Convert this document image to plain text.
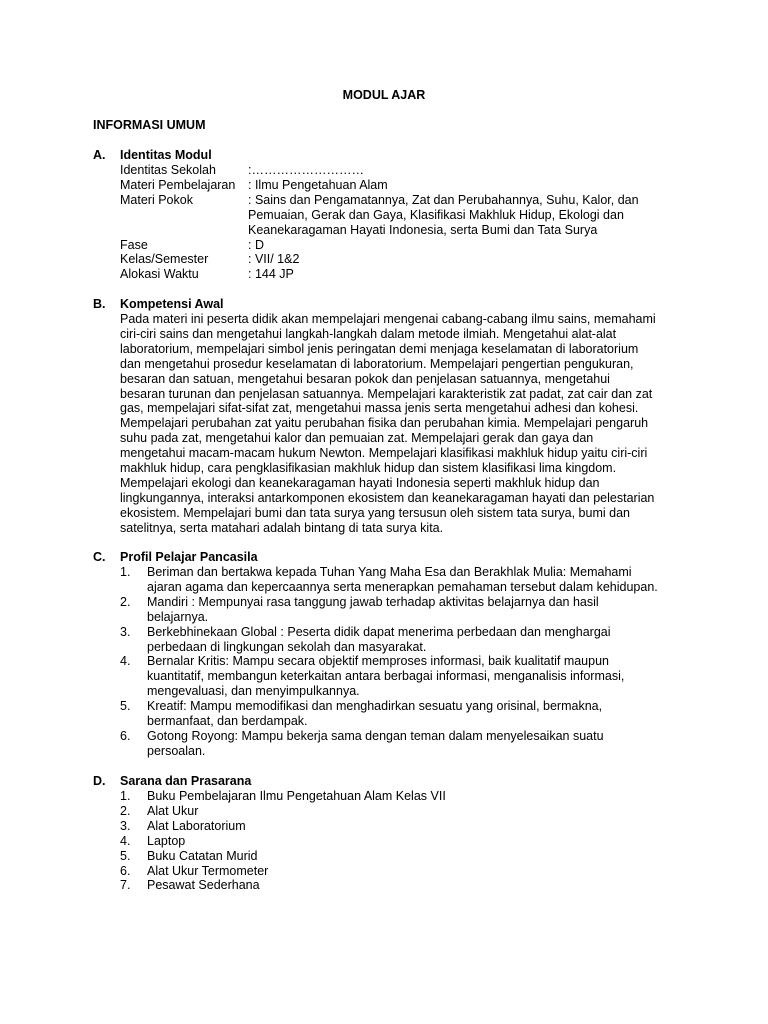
MODUL AJAR
INFORMASI UMUM
A. Identitas Modul
Identitas Sekolah	:………………………
Materi Pembelajaran	: Ilmu Pengetahuan Alam
Materi Pokok	: Sains dan Pengamatannya, Zat dan Perubahannya, Suhu, Kalor, dan
Pemuaian, Gerak dan Gaya, Klasifikasi Makhluk Hidup, Ekologi dan
Keanekaragaman Hayati Indonesia, serta Bumi dan Tata Surya
Fase	: D
Kelas/Semester	: VII/ 1&2
Alokasi Waktu	: 144 JP
B. Kompetensi Awal
Pada materi ini peserta didik akan mempelajari mengenai cabang-cabang ilmu sains, memahami
ciri-ciri sains dan mengetahui langkah-langkah dalam metode ilmiah. Mengetahui alat-alat
laboratorium, mempelajari simbol jenis peringatan demi menjaga keselamatan di laboratorium
dan mengetahui prosedur keselamatan di laboratorium. Mempelajari pengertian pengukuran,
besaran dan satuan, mengetahui besaran pokok dan penjelasan satuannya, mengetahui
besaran turunan dan penjelasan satuannya. Mempelajari karakteristik zat padat, zat cair dan zat
gas, mempelajari sifat-sifat zat, mengetahui massa jenis serta mengetahui adhesi dan kohesi.
Mempelajari perubahan zat yaitu perubahan fisika dan perubahan kimia. Mempelajari pengaruh
suhu pada zat, mengetahui kalor dan pemuaian zat. Mempelajari gerak dan gaya dan
mengetahui macam-macam hukum Newton. Mempelajari klasifikasi makhluk hidup yaitu ciri-ciri
makhluk hidup, cara pengklasifikasian makhluk hidup dan sistem klasifikasi lima kingdom.
Mempelajari ekologi dan keanekaragaman hayati Indonesia seperti makhluk hidup dan
lingkungannya, interaksi antarkomponen ekosistem dan keanekaragaman hayati dan pelestarian
ekosistem. Mempelajari bumi dan tata surya yang tersusun oleh sistem tata surya, bumi dan
satelitnya, serta matahari adalah bintang di tata surya kita.
C. Profil Pelajar Pancasila
1.	Beriman dan bertakwa kepada Tuhan Yang Maha Esa dan Berakhlak Mulia: Memahami
ajaran agama dan kepercaannya serta menerapkan pemahaman tersebut dalam kehidupan.
2.	Mandiri : Mempunyai rasa tanggung jawab terhadap aktivitas belajarnya dan hasil
belajarnya.
3.	Berkebhinekaan Global : Peserta didik dapat menerima perbedaan dan menghargai
perbedaan di lingkungan sekolah dan masyarakat.
4.	Bernalar Kritis: Mampu secara objektif memproses informasi, baik kualitatif maupun
kuantitatif, membangun keterkaitan antara berbagai informasi, menganalisis informasi,
mengevaluasi, dan menyimpulkannya.
5.	Kreatif: Mampu memodifikasi dan menghadirkan sesuatu yang orisinal, bermakna,
bermanfaat, dan berdampak.
6.	Gotong Royong: Mampu bekerja sama dengan teman dalam menyelesaikan suatu
persoalan.
D. Sarana dan Prasarana
1.	Buku Pembelajaran Ilmu Pengetahuan Alam Kelas VII
2.	Alat Ukur
3.	Alat Laboratorium
4.	Laptop
5.	Buku Catatan Murid
6.	Alat Ukur Termometer
7.	Pesawat Sederhana
